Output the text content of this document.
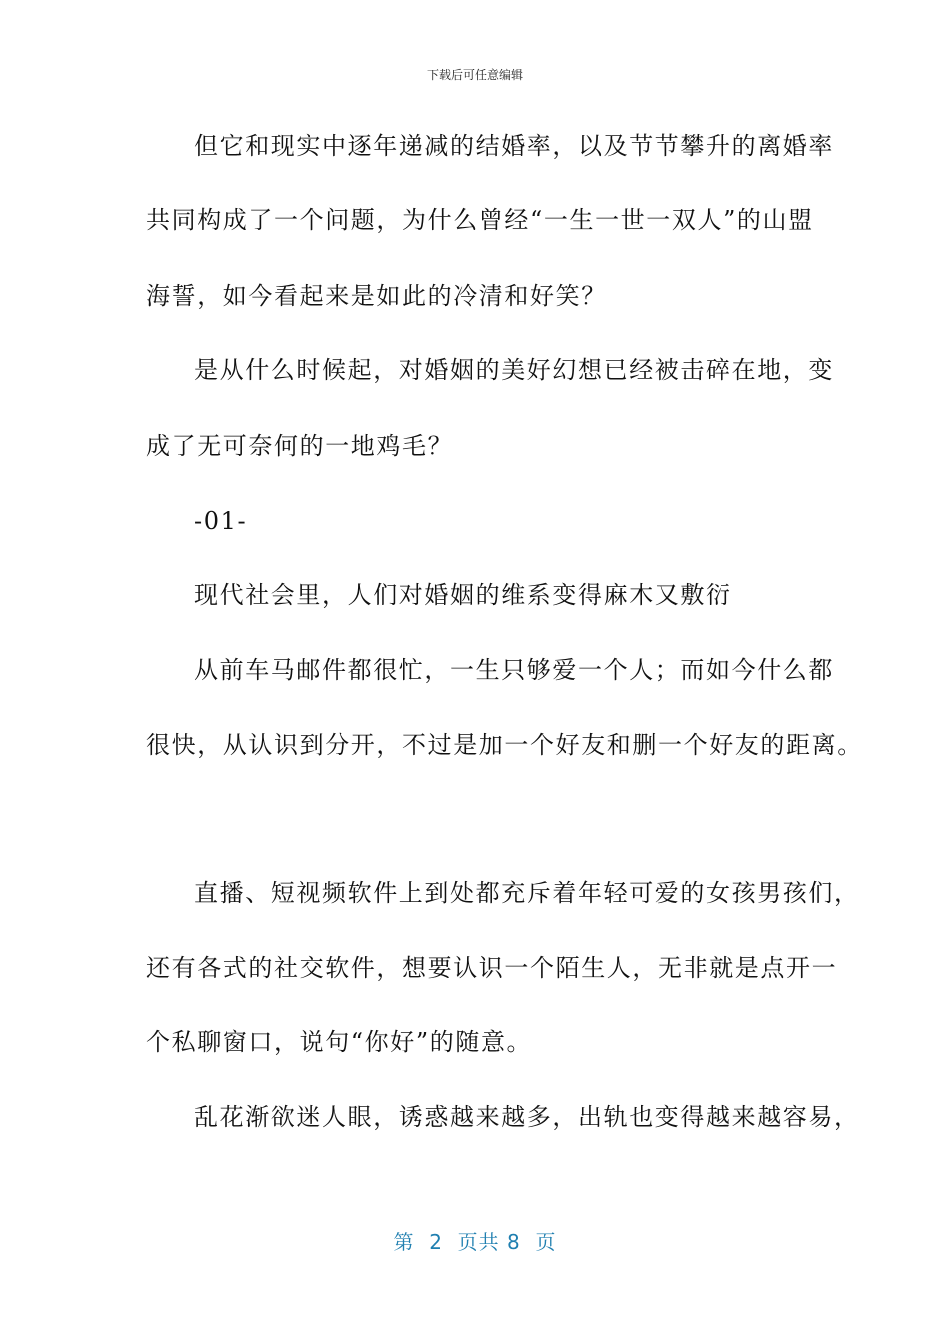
下载后可任意编辑
但它和现实中逐年递减的结婚率，以及节节攀升的离婚率
共同构成了一个问题，为什么曾经“一生一世一双人”的山盟
海誓，如今看起来是如此的冷清和好笑？
是从什么时候起，对婚姻的美好幻想已经被击碎在地，变
成了无可奈何的一地鸡毛？
-01-
现代社会里，人们对婚姻的维系变得麻木又敷衍
从前车马邮件都很忙，一生只够爱一个人；而如今什么都
很快，从认识到分开，不过是加一个好友和删一个好友的距离。
直播、短视频软件上到处都充斥着年轻可爱的女孩男孩们，
还有各式的社交软件，想要认识一个陌生人，无非就是点开一
个私聊窗口，说句“你好”的随意。
乱花渐欲迷人眼，诱惑越来越多，出轨也变得越来越容易，
第  2  页共 8  页
